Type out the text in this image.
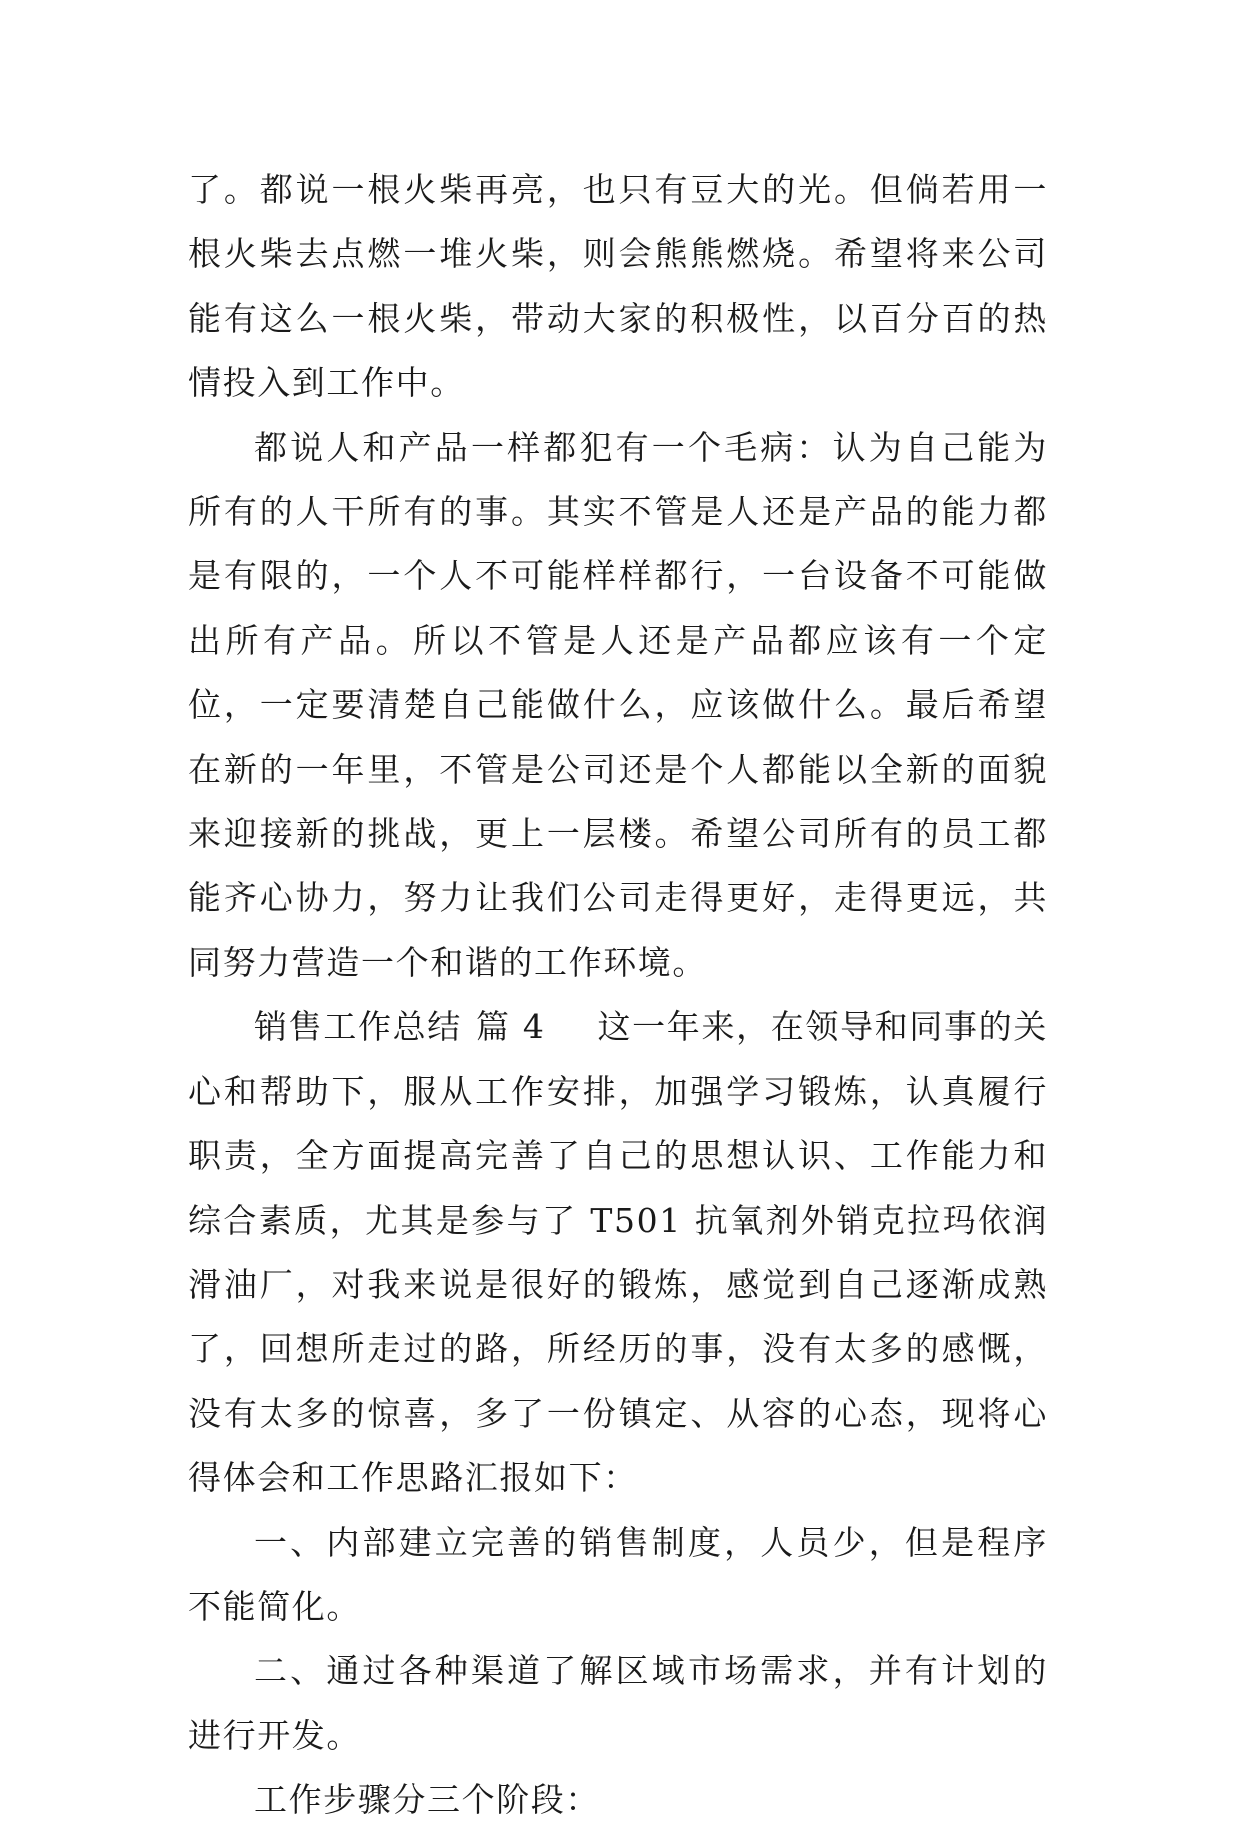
了。都说一根火柴再亮，也只有豆大的光。但倘若用一根火柴去点燃一堆火柴，则会熊熊燃烧。希望将来公司能有这么一根火柴，带动大家的积极性，以百分百的热情投入到工作中。

都说人和产品一样都犯有一个毛病：认为自己能为所有的人干所有的事。其实不管是人还是产品的能力都是有限的，一个人不可能样样都行，一台设备不可能做出所有产品。所以不管是人还是产品都应该有一个定位，一定要清楚自己能做什么，应该做什么。最后希望在新的一年里，不管是公司还是个人都能以全新的面貌来迎接新的挑战，更上一层楼。希望公司所有的员工都能齐心协力，努力让我们公司走得更好，走得更远，共同努力营造一个和谐的工作环境。

销售工作总结 篇 4 这一年来，在领导和同事的关心和帮助下，服从工作安排，加强学习锻炼，认真履行职责，全方面提高完善了自己的思想认识、工作能力和综合素质，尤其是参与了 T501 抗氧剂外销克拉玛依润滑油厂，对我来说是很好的锻炼，感觉到自己逐渐成熟了，回想所走过的路，所经历的事，没有太多的感慨，没有太多的惊喜，多了一份镇定、从容的心态，现将心得体会和工作思路汇报如下：

一、内部建立完善的销售制度，人员少，但是程序不能简化。

二、通过各种渠道了解区域市场需求，并有计划的进行开发。

工作步骤分三个阶段：
